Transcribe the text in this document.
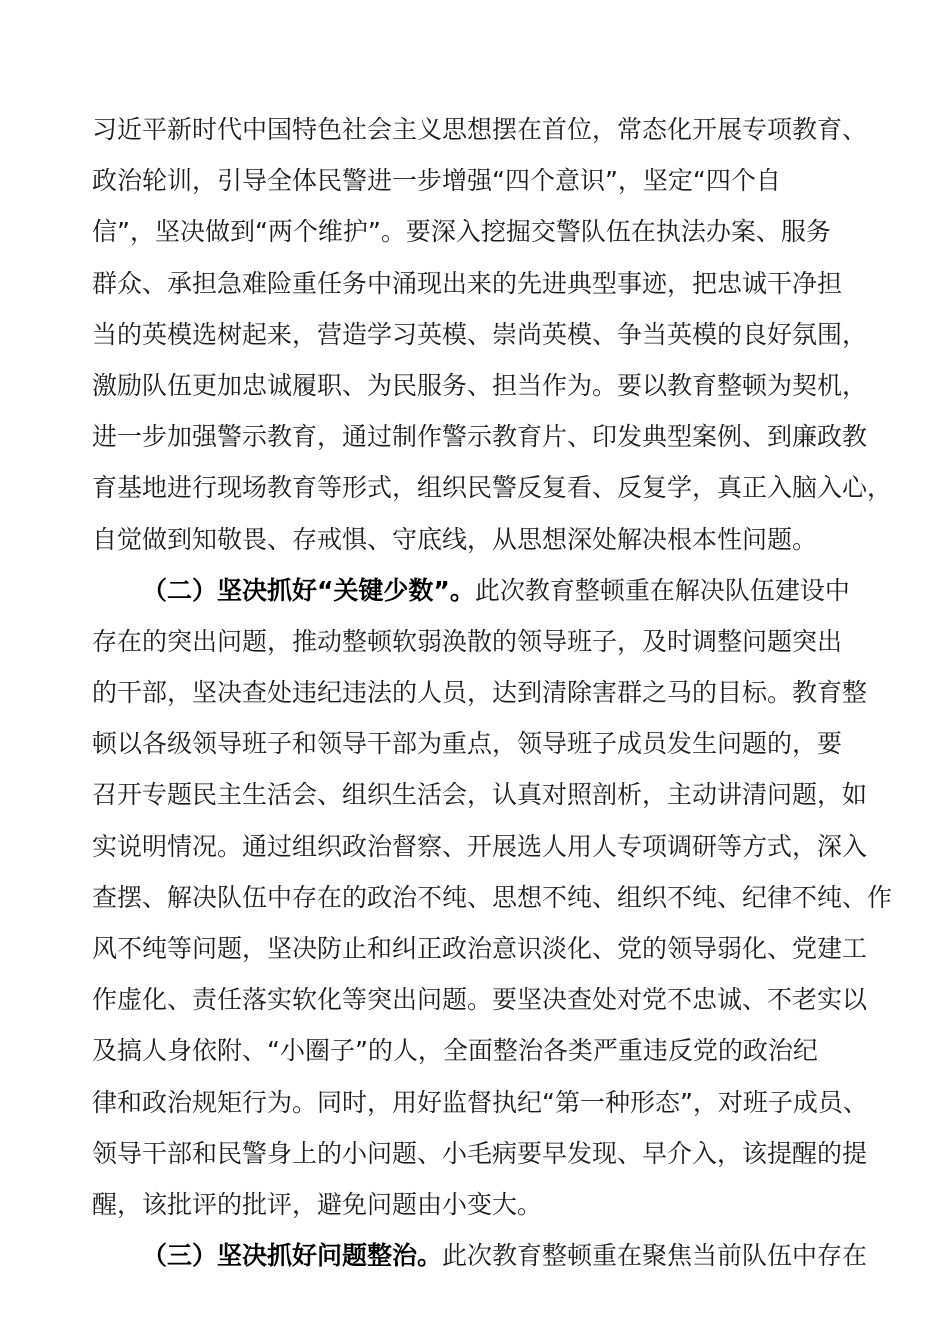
习近平新时代中国特色社会主义思想摆在首位，常态化开展专项教育、
政治轮训，引导全体民警进一步增强“四个意识”，坚定“四个自
信”，坚决做到“两个维护”。要深入挖掘交警队伍在执法办案、服务
群众、承担急难险重任务中涌现出来的先进典型事迹，把忠诚干净担
当的英模选树起来，营造学习英模、崇尚英模、争当英模的良好氛围，
激励队伍更加忠诚履职、为民服务、担当作为。要以教育整顿为契机，
进一步加强警示教育，通过制作警示教育片、印发典型案例、到廉政教
育基地进行现场教育等形式，组织民警反复看、反复学，真正入脑入心，
自觉做到知敬畏、存戒惧、守底线，从思想深处解决根本性问题。
（二）坚决抓好“关键少数”。此次教育整顿重在解决队伍建设中
存在的突出问题，推动整顿软弱涣散的领导班子，及时调整问题突出
的干部，坚决查处违纪违法的人员，达到清除害群之马的目标。教育整
顿以各级领导班子和领导干部为重点，领导班子成员发生问题的，要
召开专题民主生活会、组织生活会，认真对照剖析，主动讲清问题，如
实说明情况。通过组织政治督察、开展选人用人专项调研等方式，深入
查摆、解决队伍中存在的政治不纯、思想不纯、组织不纯、纪律不纯、作
风不纯等问题，坚决防止和纠正政治意识淡化、党的领导弱化、党建工
作虚化、责任落实软化等突出问题。要坚决查处对党不忠诚、不老实以
及搞人身依附、“小圈子”的人，全面整治各类严重违反党的政治纪
律和政治规矩行为。同时，用好监督执纪“第一种形态”，对班子成员、
领导干部和民警身上的小问题、小毛病要早发现、早介入，该提醒的提
醒，该批评的批评，避免问题由小变大。
（三）坚决抓好问题整治。此次教育整顿重在聚焦当前队伍中存在
